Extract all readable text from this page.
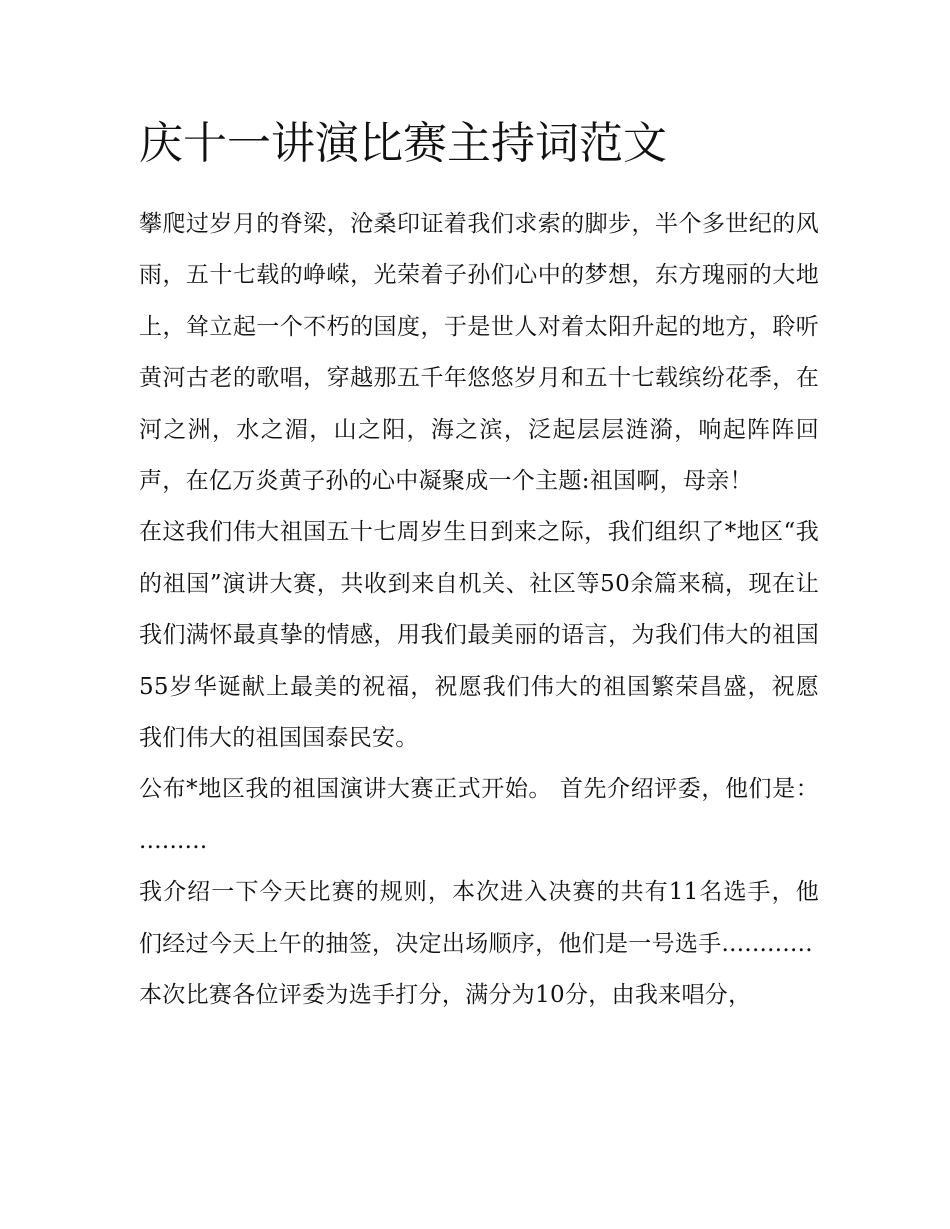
庆十一讲演比赛主持词范文

攀爬过岁月的脊梁，沧桑印证着我们求索的脚步，半个多世纪的风雨，五十七载的峥嵘，光荣着子孙们心中的梦想，东方瑰丽的大地上，耸立起一个不朽的国度，于是世人对着太阳升起的地方，聆听黄河古老的歌唱，穿越那五千年悠悠岁月和五十七载缤纷花季，在河之洲，水之湄，山之阳，海之滨，泛起层层涟漪，响起阵阵回声，在亿万炎黄子孙的心中凝聚成一个主题:祖国啊，母亲！

在这我们伟大祖国五十七周岁生日到来之际，我们组织了*地区“我的祖国”演讲大赛，共收到来自机关、社区等50余篇来稿，现在让我们满怀最真挚的情感，用我们最美丽的语言，为我们伟大的祖国55岁华诞献上最美的祝福，祝愿我们伟大的祖国繁荣昌盛，祝愿我们伟大的祖国国泰民安。

公布*地区我的祖国演讲大赛正式开始。 首先介绍评委，他们是： .........

我介绍一下今天比赛的规则，本次进入决赛的共有11名选手，他们经过今天上午的抽签，决定出场顺序，他们是一号选手............

本次比赛各位评委为选手打分，满分为10分，由我来唱分，
